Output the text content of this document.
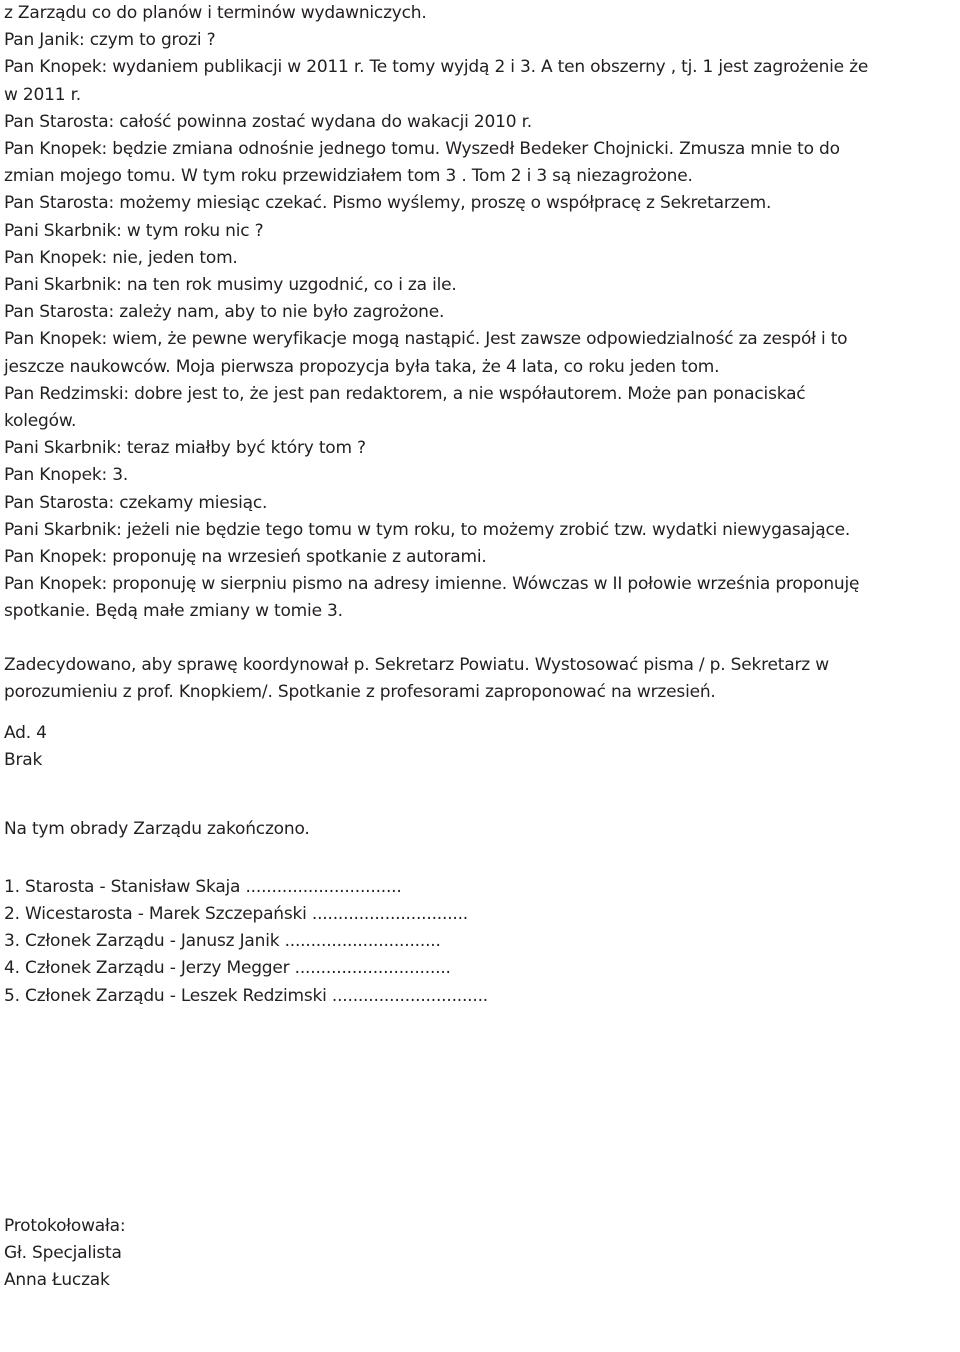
z Zarządu co do planów i terminów wydawniczych.
Pan Janik: czym to grozi ?
Pan Knopek: wydaniem publikacji w 2011 r. Te tomy wyjdą 2 i 3. A ten obszerny , tj. 1 jest zagrożenie że
w 2011 r.
Pan Starosta: całość powinna zostać wydana do wakacji 2010 r.
Pan Knopek: będzie zmiana odnośnie jednego tomu. Wyszedł Bedeker Chojnicki. Zmusza mnie to do
zmian mojego tomu. W tym roku przewidziałem tom 3 . Tom 2 i 3 są niezagrożone.
Pan Starosta: możemy miesiąc czekać. Pismo wyślemy, proszę o współpracę z Sekretarzem.
Pani Skarbnik: w tym roku nic ?
Pan Knopek: nie, jeden tom.
Pani Skarbnik: na ten rok musimy uzgodnić, co i za ile.
Pan Starosta: zależy nam, aby to nie było zagrożone.
Pan Knopek: wiem, że pewne weryfikacje mogą nastąpić. Jest zawsze odpowiedzialność za zespół i to
jeszcze naukowców. Moja pierwsza propozycja była taka, że 4 lata, co roku jeden tom.
Pan Redzimski: dobre jest to, że jest pan redaktorem, a nie współautorem. Może pan ponaciskać
kolegów.
Pani Skarbnik: teraz miałby być który tom ?
Pan Knopek: 3.
Pan Starosta: czekamy miesiąc.
Pani Skarbnik: jeżeli nie będzie tego tomu w tym roku, to możemy zrobić tzw. wydatki niewygasające.
Pan Knopek: proponuję na wrzesień spotkanie z autorami.
Pan Knopek: proponuję w sierpniu pismo na adresy imienne. Wówczas w II połowie września proponuję
spotkanie. Będą małe zmiany w tomie 3.
Zadecydowano, aby sprawę koordynował p. Sekretarz Powiatu. Wystosować pisma / p. Sekretarz w
porozumieniu z prof. Knopkiem/. Spotkanie z profesorami zaproponować na wrzesień.
Ad. 4
Brak
Na tym obrady Zarządu zakończono.
1. Starosta - Stanisław Skaja ..............................
2. Wicestarosta - Marek Szczepański ..............................
3. Członek Zarządu - Janusz Janik ..............................
4. Członek Zarządu - Jerzy Megger ..............................
5. Członek Zarządu - Leszek Redzimski ..............................
Protokołowała:
Gł. Specjalista
Anna Łuczak
